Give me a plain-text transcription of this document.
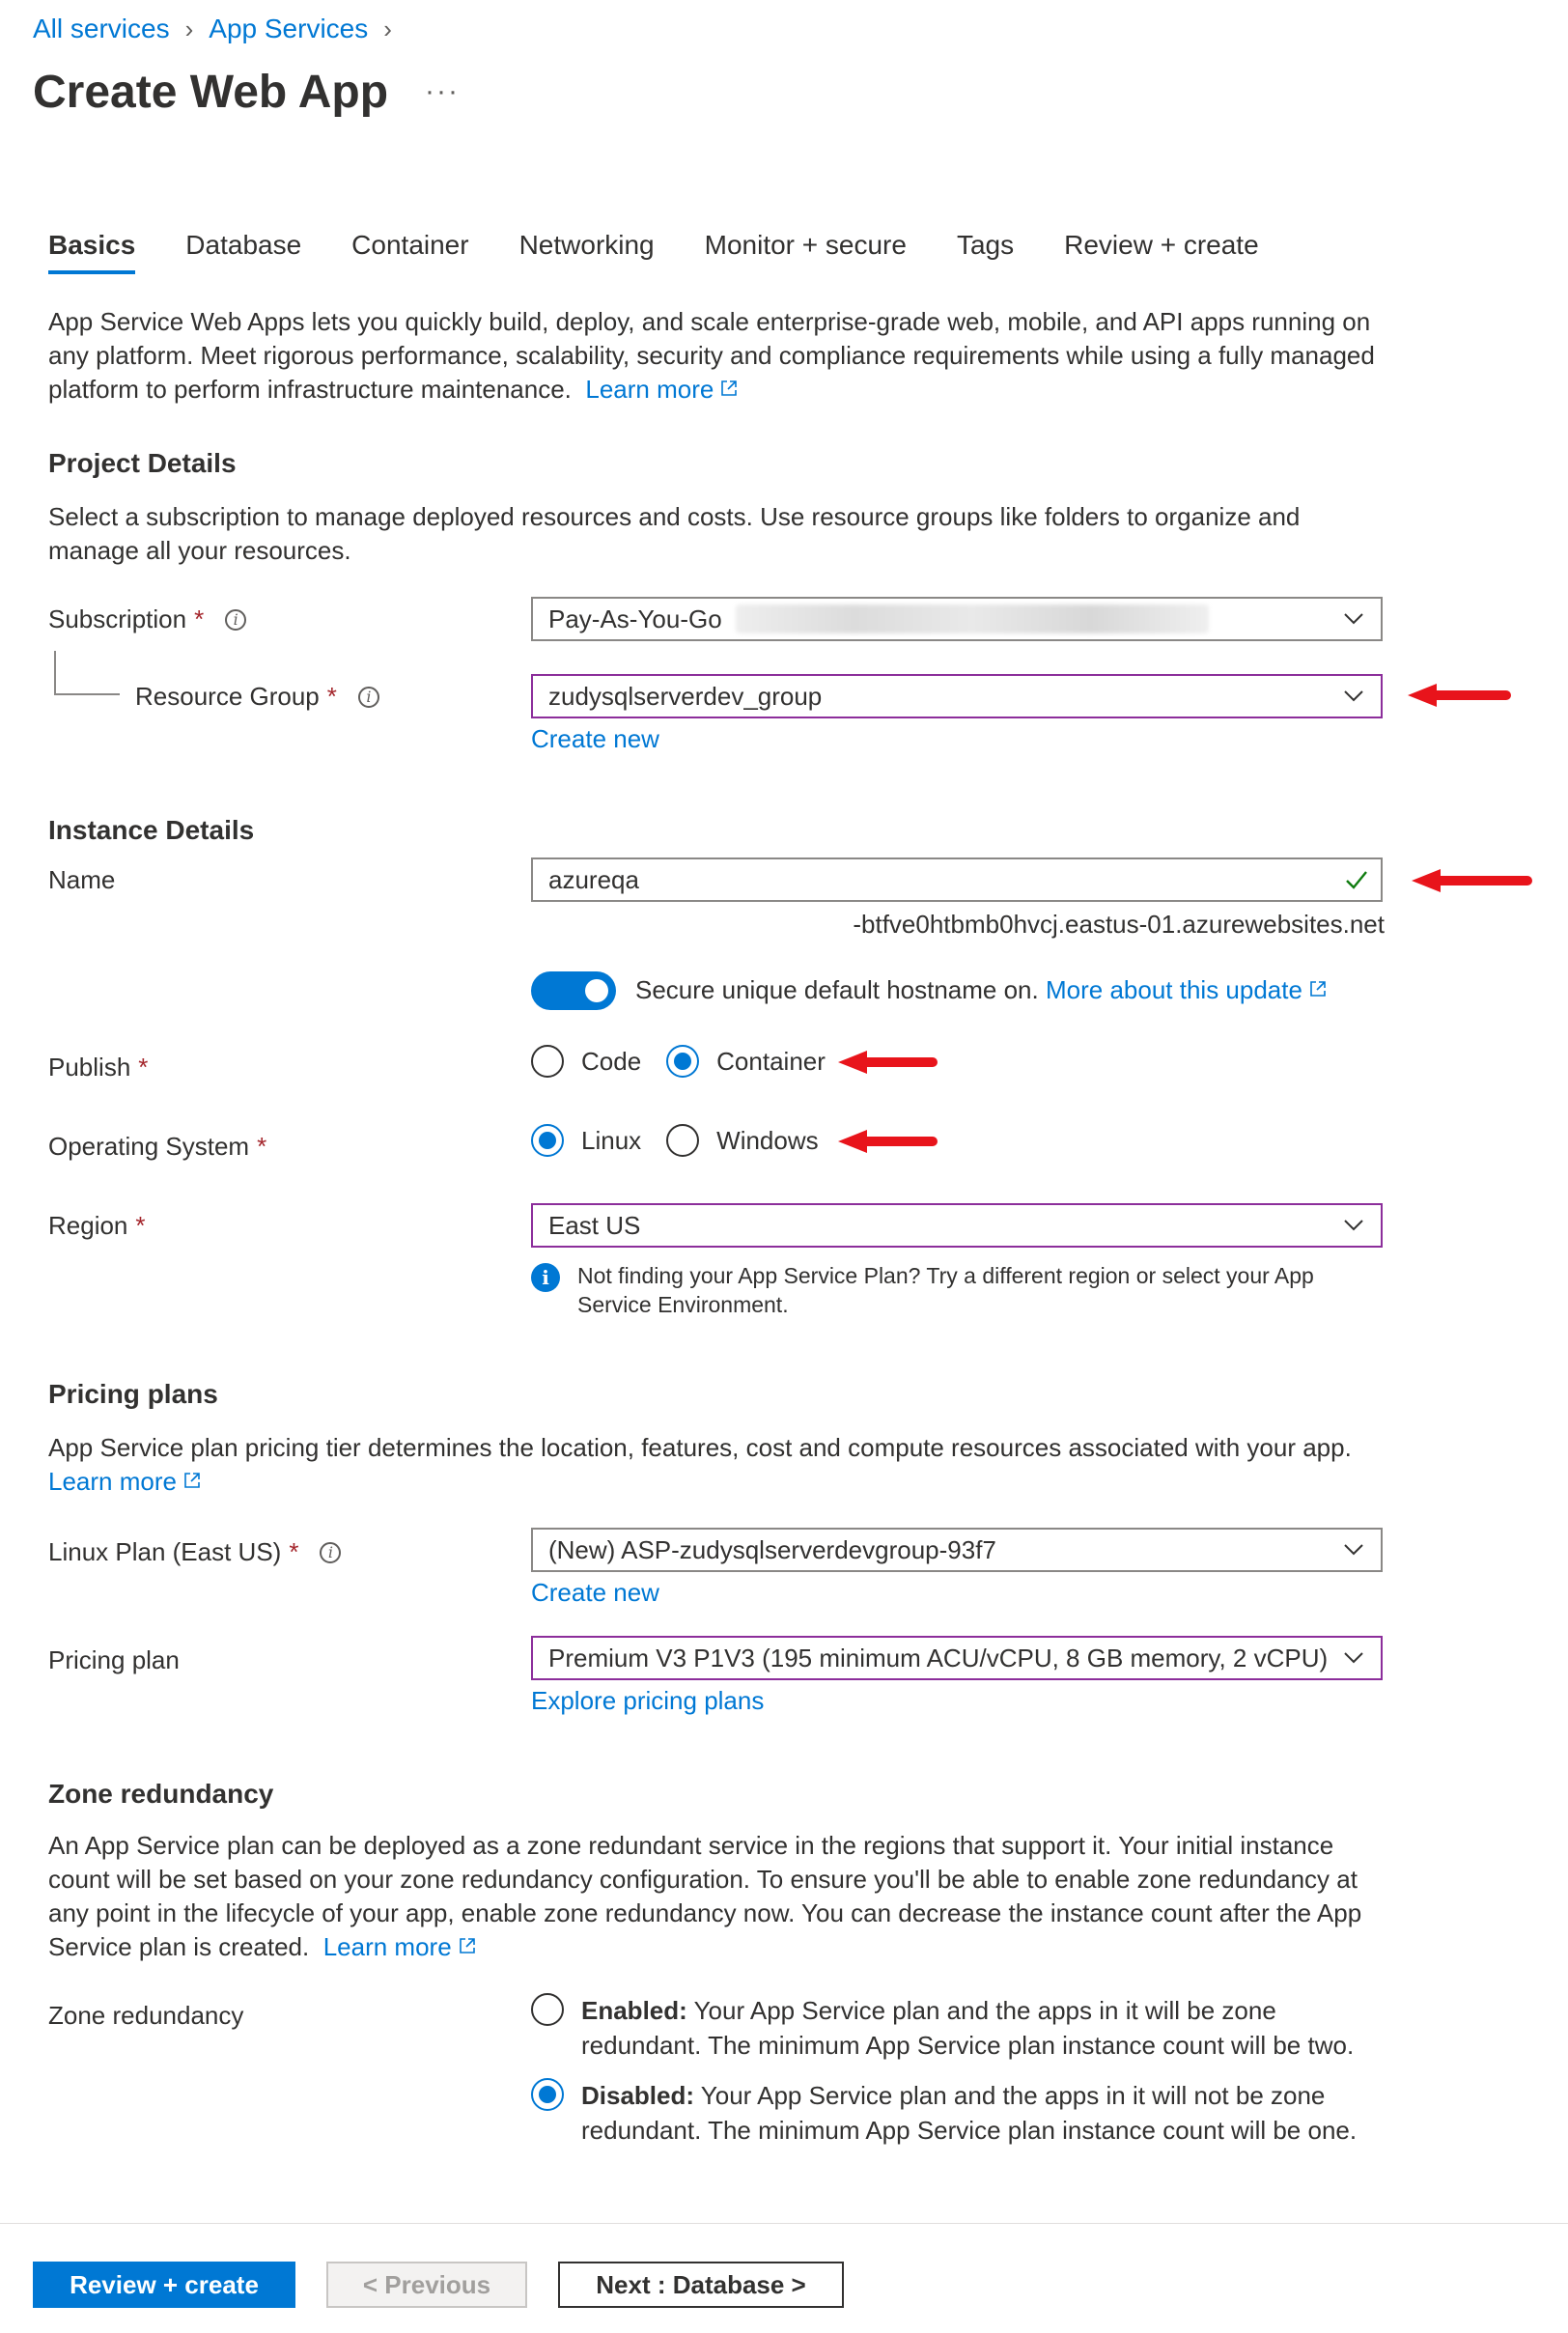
All services › App Services ›
Create Web App ···
Basics Database Container Networking Monitor + secure Tags Review + create
App Service Web Apps lets you quickly build, deploy, and scale enterprise-grade web, mobile, and API apps running on any platform. Meet rigorous performance, scalability, security and compliance requirements while using a fully managed platform to perform infrastructure maintenance. Learn more
Project Details
Select a subscription to manage deployed resources and costs. Use resource groups like folders to organize and manage all your resources.
Subscription *	i	Pay-As-You-Go
Resource Group *	i	zudysqlserverdev_group
Create new
Instance Details
Name	azureqa
-btfve0htbmb0hvcj.eastus-01.azurewebsites.net
Secure unique default hostname on. More about this update
Publish *	Code	Container
Operating System *	Linux	Windows
Region *	East US
i	Not finding your App Service Plan? Try a different region or select your App Service Environment.
Pricing plans
App Service plan pricing tier determines the location, features, cost and compute resources associated with your app.
Learn more
Linux Plan (East US) *	i	(New) ASP-zudysqlserverdevgroup-93f7
Create new
Pricing plan	Premium V3 P1V3 (195 minimum ACU/vCPU, 8 GB memory, 2 vCPU)
Explore pricing plans
Zone redundancy
An App Service plan can be deployed as a zone redundant service in the regions that support it. Your initial instance count will be set based on your zone redundancy configuration. To ensure you'll be able to enable zone redundancy at any point in the lifecycle of your app, enable zone redundancy now. You can decrease the instance count after the App Service plan is created. Learn more
Zone redundancy	Enabled: Your App Service plan and the apps in it will be zone redundant. The minimum App Service plan instance count will be two.
Disabled: Your App Service plan and the apps in it will not be zone redundant. The minimum App Service plan instance count will be one.
Review + create	< Previous	Next : Database >
